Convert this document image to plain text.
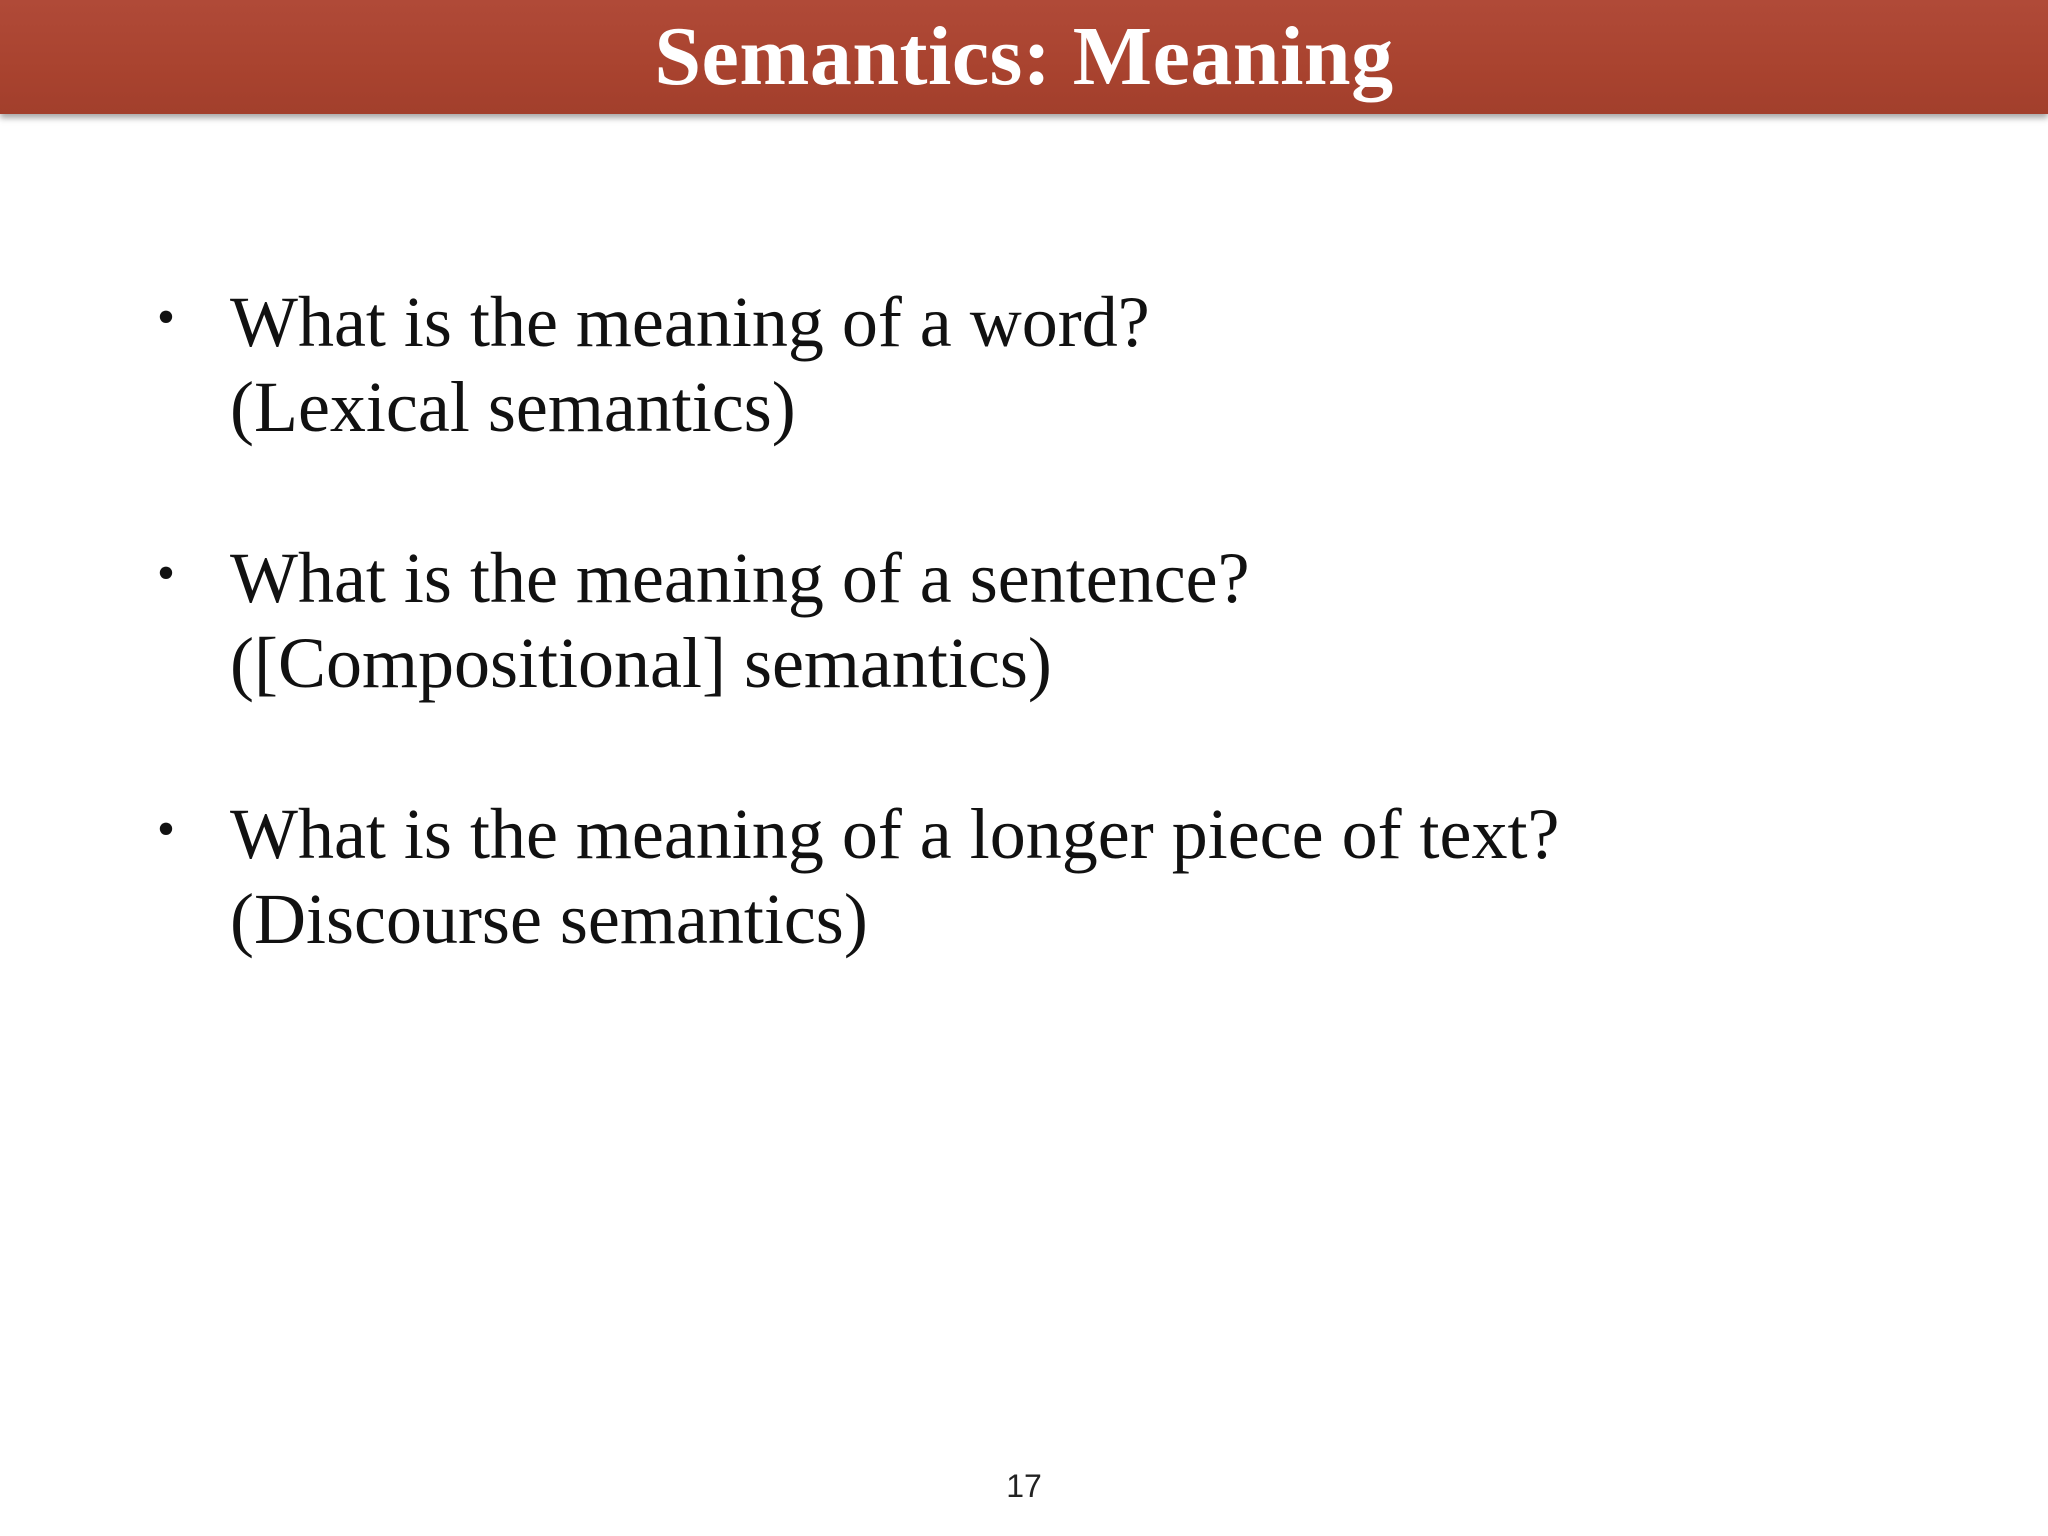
Semantics: Meaning
• What is the meaning of a word?
(Lexical semantics)
• What is the meaning of a sentence?
([Compositional] semantics)
• What is the meaning of a longer piece of text?
(Discourse semantics)
17
